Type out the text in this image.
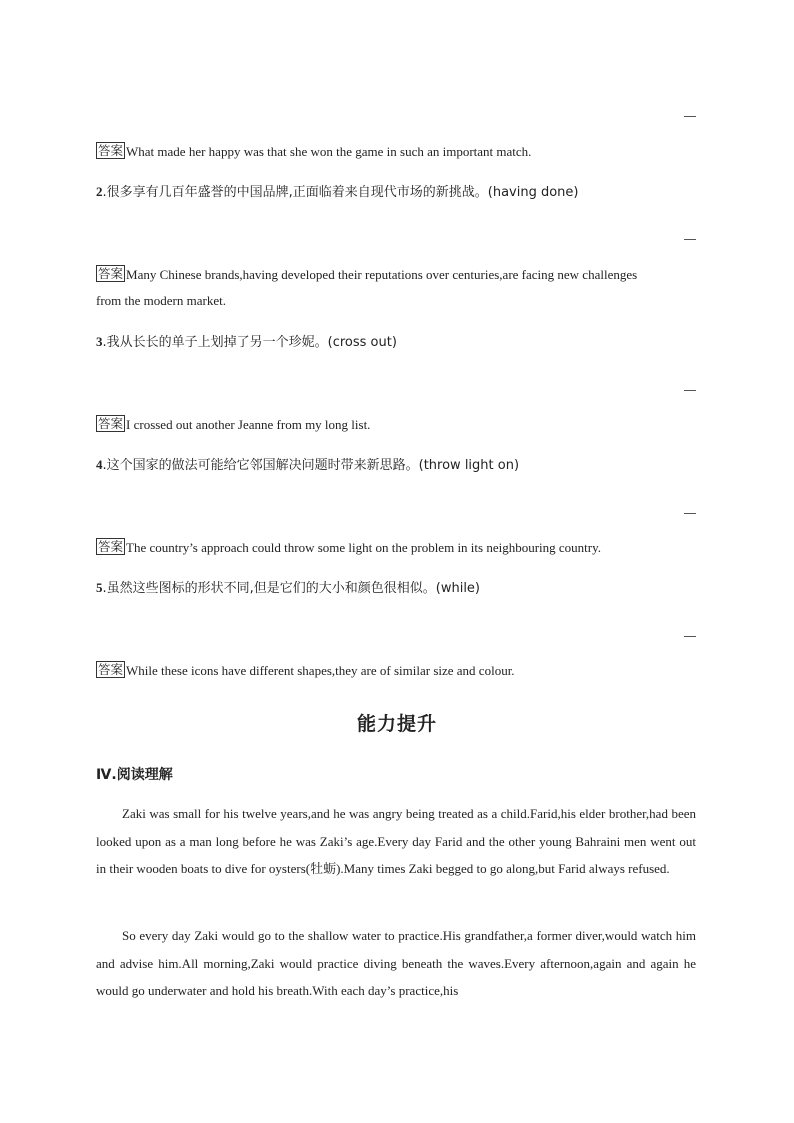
答案 What made her happy was that she won the game in such an important match.
2.很多享有几百年盛誉的中国品牌,正面临着来自现代市场的新挑战。(having done)
答案 Many Chinese brands,having developed their reputations over centuries,are facing new challenges
from the modern market.
3.我从长长的单子上划掉了另一个珍妮。(cross out)
答案 I crossed out another Jeanne from my long list.
4.这个国家的做法可能给它邻国解决问题时带来新思路。(throw light on)
答案 The country’s approach could throw some light on the problem in its neighbouring country.
5.虽然这些图标的形状不同,但是它们的大小和颜色很相似。(while)
答案 While these icons have different shapes,they are of similar size and colour.
能力提升
Ⅳ.阅读理解
Zaki was small for his twelve years,and he was angry being treated as a child.Farid,his elder brother,had been looked upon as a man long before he was Zaki’s age.Every day Farid and the other young Bahraini men went out in their wooden boats to dive for oysters(牡蛎).Many times Zaki begged to go along,but Farid always refused.
So every day Zaki would go to the shallow water to practice.His grandfather,a former diver,would watch him and advise him.All morning,Zaki would practice diving beneath the waves.Every afternoon,again and again he would go underwater and hold his breath.With each day’s practice,his
